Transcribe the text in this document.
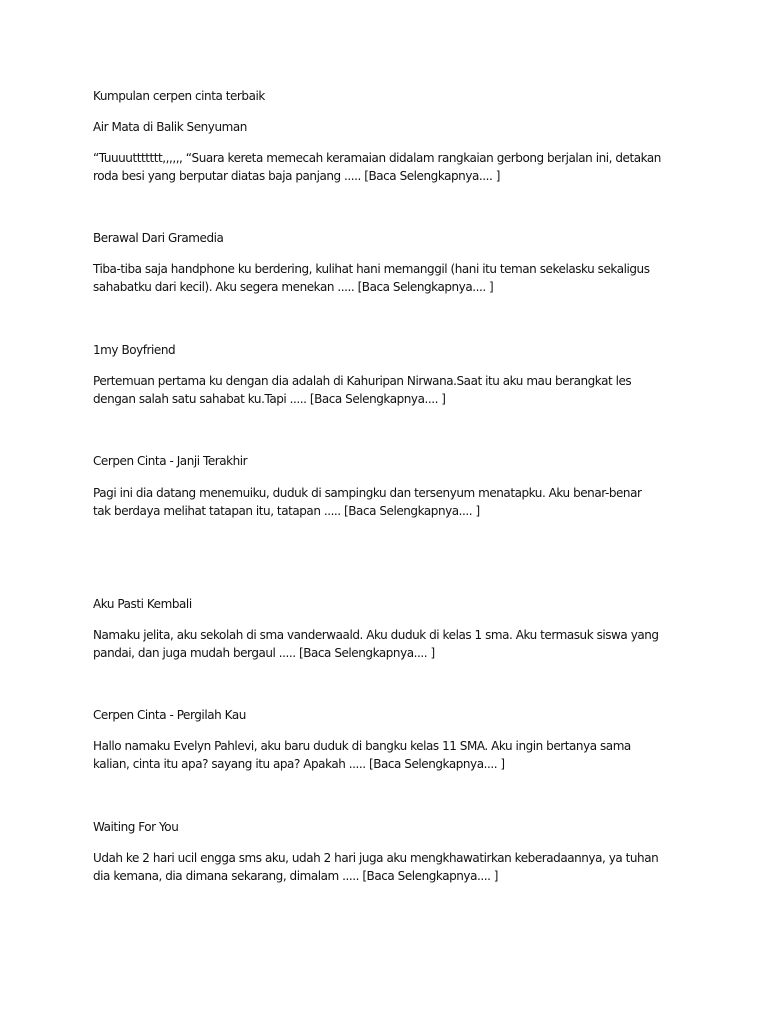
Kumpulan cerpen cinta terbaik
Air Mata di Balik Senyuman
“Tuuuuttttttt,,,,,, “Suara kereta memecah keramaian didalam rangkaian gerbong berjalan ini, detakan
roda besi yang berputar diatas baja panjang ..... [Baca Selengkapnya.... ]
Berawal Dari Gramedia
Tiba-tiba saja handphone ku berdering, kulihat hani memanggil (hani itu teman sekelasku sekaligus
sahabatku dari kecil). Aku segera menekan ..... [Baca Selengkapnya.... ]
1my Boyfriend
Pertemuan pertama ku dengan dia adalah di Kahuripan Nirwana.Saat itu aku mau berangkat les
dengan salah satu sahabat ku.Tapi ..... [Baca Selengkapnya.... ]
Cerpen Cinta - Janji Terakhir
Pagi ini dia datang menemuiku, duduk di sampingku dan tersenyum menatapku. Aku benar-benar
tak berdaya melihat tatapan itu, tatapan ..... [Baca Selengkapnya.... ]
Aku Pasti Kembali
Namaku jelita, aku sekolah di sma vanderwaald. Aku duduk di kelas 1 sma. Aku termasuk siswa yang
pandai, dan juga mudah bergaul ..... [Baca Selengkapnya.... ]
Cerpen Cinta - Pergilah Kau
Hallo namaku Evelyn Pahlevi, aku baru duduk di bangku kelas 11 SMA. Aku ingin bertanya sama
kalian, cinta itu apa? sayang itu apa? Apakah ..... [Baca Selengkapnya.... ]
Waiting For You
Udah ke 2 hari ucil engga sms aku, udah 2 hari juga aku mengkhawatirkan keberadaannya, ya tuhan
dia kemana, dia dimana sekarang, dimalam ..... [Baca Selengkapnya.... ]
